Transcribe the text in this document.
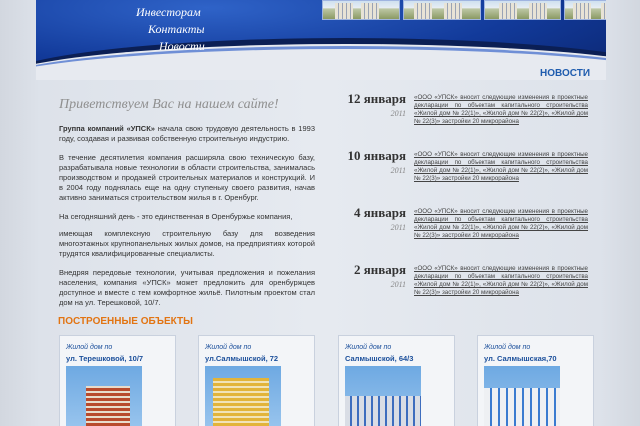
Инвесторам
Контакты
Новости
НОВОСТИ
Приветствуем Вас на нашем сайте!

Группа компаний «УПСК» начала свою трудовую деятельность в 1993 году, создавая и развивая собственную строительную индустрию.

В течение десятилетия компания расширяла свою техническую базу, разрабатывала новые технологии в области строительства, занималась производством и продажей строительных материалов и конструкций. И в 2004 году поднялась еще на одну ступеньку своего развития, начав активно заниматься строительством жилья в г. Оренбург.

На сегодняшний день - это единственная в Оренбуржье компания,

имеющая комплексную строительную базу для возведения многоэтажных крупнопанельных жилых домов, на предприятиях которой трудятся квалифицированные специалисты.

Внедряя передовые технологии, учитывая предложения и пожелания населения, компания «УПСК» может предложить для оренбуржцев доступное и вместе с тем комфортное жильё. Пилотным проектом стал дом на ул. Терешковой, 10/7.

12 января
2011
«ООО «УПСК» вносит следующие изменения в проектные декларации по объектам капитального строительства «Жилой дом № 22(1)», «Жилой дом № 22(2)», «Жилой дом № 22(3)» застройки 20 микрорайона
10 января
2011
«ООО «УПСК» вносит следующие изменения в проектные декларации по объектам капитального строительства «Жилой дом № 22(1)», «Жилой дом № 22(2)», «Жилой дом № 22(3)» застройки 20 микрорайона
4 января
2011
«ООО «УПСК» вносит следующие изменения в проектные декларации по объектам капитального строительства «Жилой дом № 22(1)», «Жилой дом № 22(2)», «Жилой дом № 22(3)» застройки 20 микрорайона
2 января
2011
«ООО «УПСК» вносит следующие изменения в проектные декларации по объектам капитального строительства «Жилой дом № 22(1)», «Жилой дом № 22(2)», «Жилой дом № 22(3)» застройки 20 микрорайона
ПОСТРОЕННЫЕ ОБЪЕКТЫ
Жилой дом по
ул. Терешковой, 10/7
Жилой дом по
ул.Салмышской, 72
Жилой дом по
Салмышской, 64/3
Жилой дом по
ул. Салмышская,70
